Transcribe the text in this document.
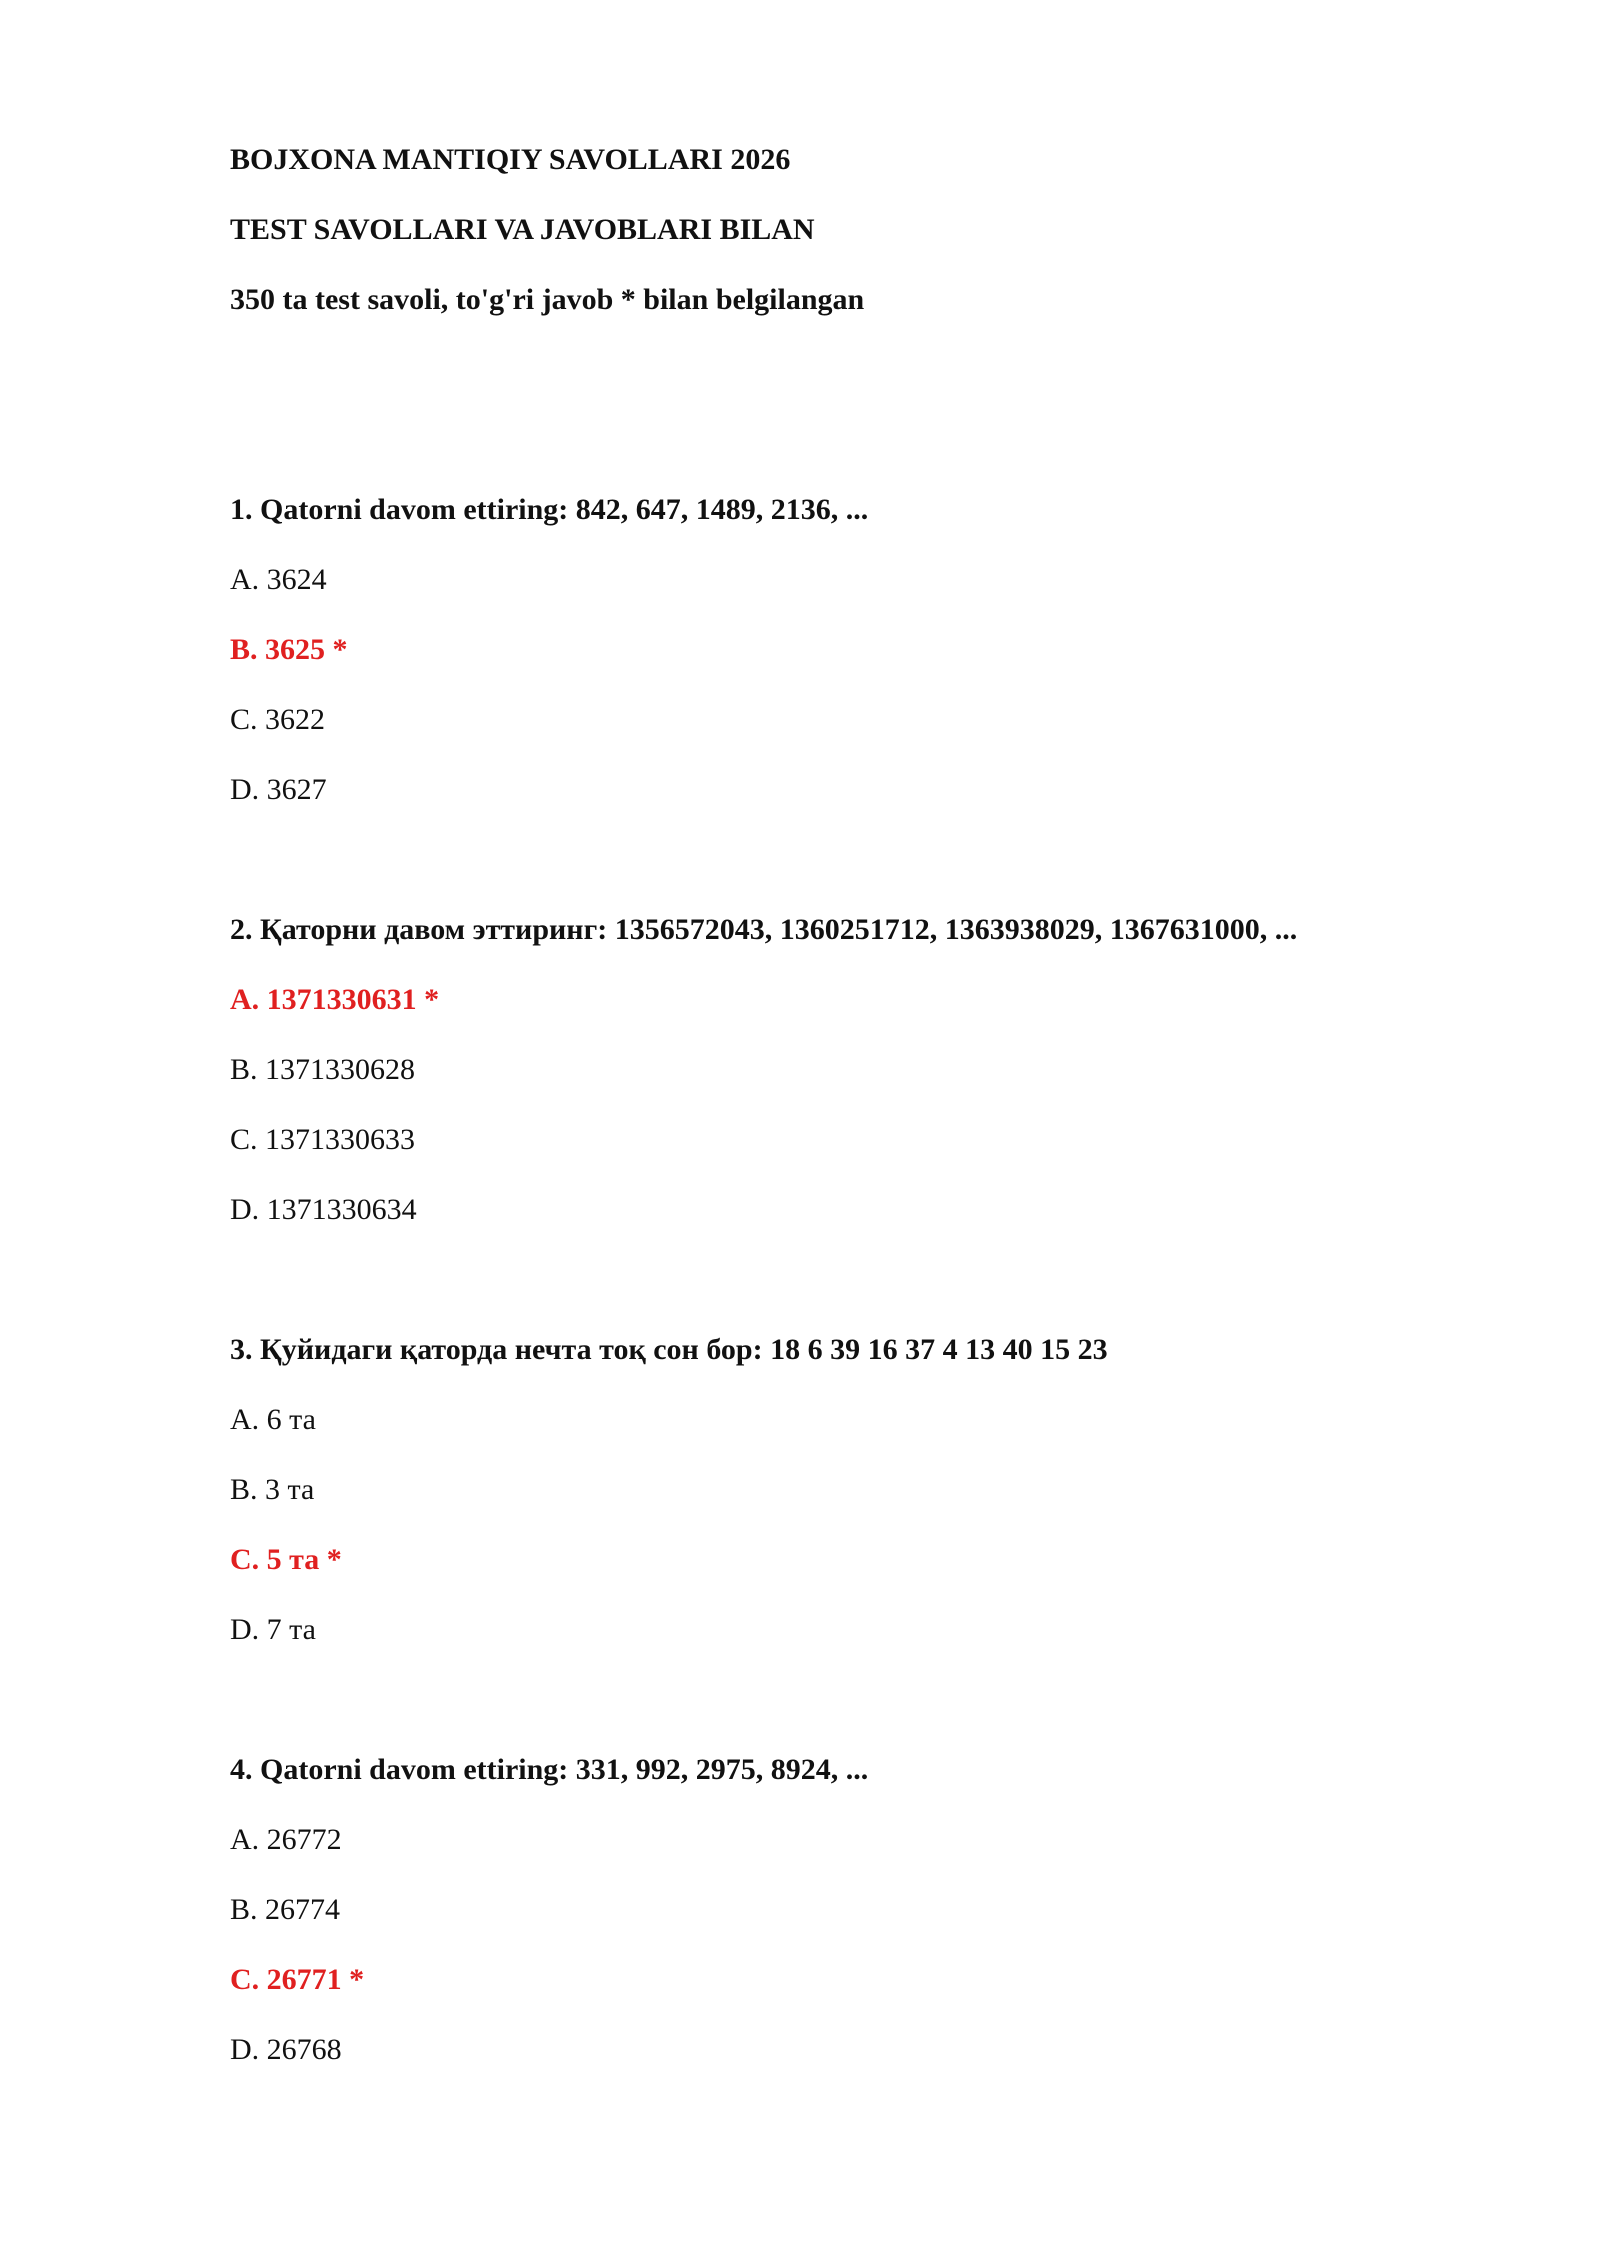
BOJXONA MANTIQIY SAVOLLARI 2026
TEST SAVOLLARI VA JAVOBLARI BILAN
350 ta test savoli, to'g'ri javob * bilan belgilangan
1. Qatorni davom ettiring: 842, 647, 1489, 2136, ...
A. 3624
B. 3625 *
C. 3622
D. 3627
2. Қаторни давом эттиринг: 1356572043, 1360251712, 1363938029, 1367631000, ...
A. 1371330631 *
B. 1371330628
C. 1371330633
D. 1371330634
3. Қуйидаги қаторда нечта тоқ сон бор: 18 6 39 16 37 4 13 40 15 23
A. 6 та
B. 3 та
C. 5 та *
D. 7 та
4. Qatorni davom ettiring: 331, 992, 2975, 8924, ...
A. 26772
B. 26774
C. 26771 *
D. 26768
